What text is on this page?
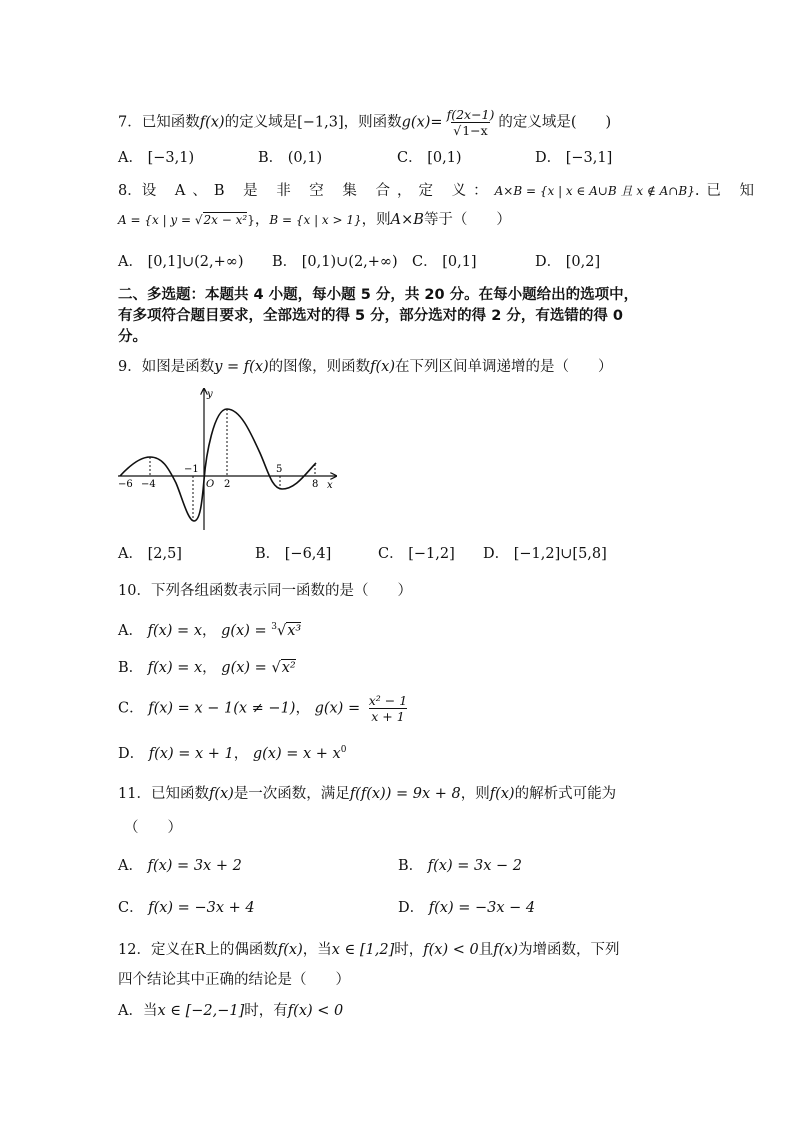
7．已知函数f(x)的定义域是[−1,3]，则函数$g(x)= \frac{f(2x-1)}{√1-x}$ 的定义域是(　　)
A． [−3,1)	B． (0,1)	C． [0,1)	D． [−3,1]
8．设 A、B 是 非 空 集 合，定 义：A×B = {x | x ∈ A∪B 且 x ∉ A∩B}.已 知
A = {x | y = √2x − x²}，B = {x | x > 1}，则A×B等于（　　）
A． [0,1]∪(2,+∞) B． [0,1)∪(2,+∞) C． [0,1]	D． [0,2]
二、多选题：本题共 4 小题，每小题 5 分，共 20 分。在每小题给出的选项中，
有多项符合题目要求，全部选对的得 5 分，部分选对的得 2 分，有选错的得 0
分。
9．如图是函数y = f(x)的图像，则函数f(x)在下列区间单调递增的是（　　）
y
x
O
−6 −4
−1
2
5
8
A． [2,5]	B． [−6,4]	C． [−1,2] D． [−1,2]∪[5,8]
10．下列各组函数表示同一函数的是（　　）
A． f(x) = x， g(x) = $^3$√x³
B． f(x) = x， g(x) = √x²
C． f(x) = x − 1(x ≠ −1)， $g(x) = \frac{\text{x² − 1}}{x + 1}$
D． f(x) = x + 1， $g(x) = x + x^0$
11．已知函数f(x)是一次函数，满足f(f(x)) = 9x + 8，则f(x)的解析式可能为
（　　）
A． f(x) = 3x + 2	B． f(x) = 3x − 2
C． f(x) = −3x + 4	D． f(x) = −3x − 4
12．定义在R上的偶函数f(x)，当x ∈ [1,2]时，f(x) < 0且f(x)为增函数，下列
四个结论其中正确的结论是（　　）
A．当x ∈ [−2,−1]时，有f(x) < 0
